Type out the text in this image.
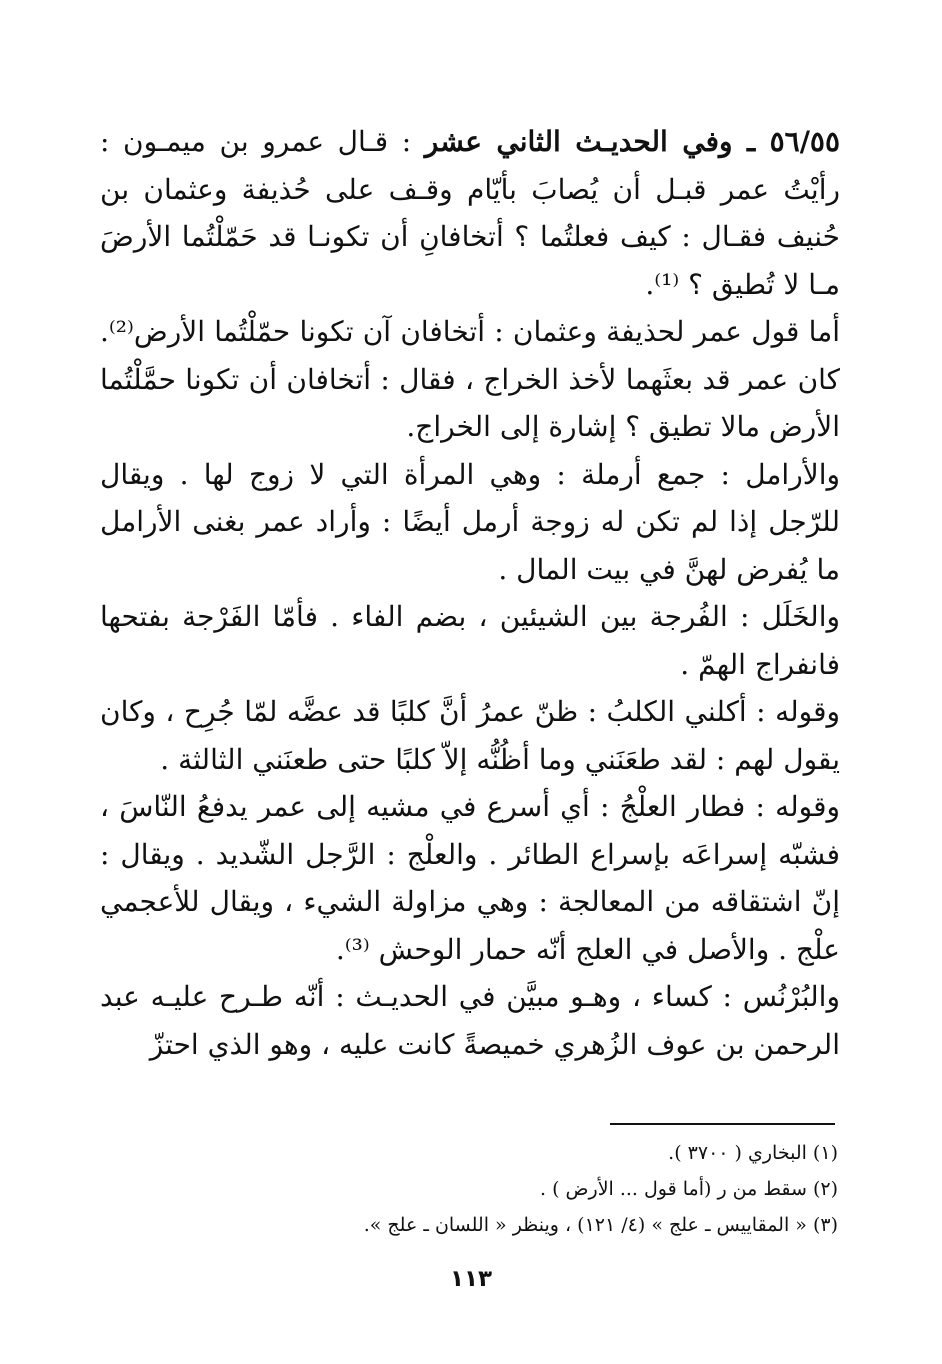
٥٦/٥٥ ـ وفي الحديـث الثاني عشر : قـال عمرو بن ميمـون : رأيْتُ عمر قبـل أن يُصابَ بأيّام وقـف على حُذيفة وعثمان بن حُنيف فقـال : كيف فعلتُما ؟ أتخافانِ أن تكونـا قد حَمّلْتُما الأرضَ مـا لا تُطيق ؟ ⁽¹⁾.

أما قول عمر لحذيفة وعثمان : أتخافان آن تكونا حمّلْتُما الأرض⁽²⁾. كان عمر قد بعثَهما لأخذ الخراج ، فقال : أتخافان أن تكونا حمَّلْتُما الأرض مالا تطيق ؟ إشارة إلى الخراج.

والأرامل : جمع أرملة : وهي المرأة التي لا زوج لها . ويقال للرّجل إذا لم تكن له زوجة أرمل أيضًا : وأراد عمر بغنى الأرامل ما يُفرض لهنَّ في بيت المال .

والخَلَل : الفُرجة بين الشيئين ، بضم الفاء . فأمّا الفَرْجة بفتحها فانفراج الهمّ .

وقوله : أكلني الكلبُ : ظنّ عمرُ أنَّ كلبًا قد عضَّه لمّا جُرِح ، وكان يقول لهم : لقد طعَنَني وما أظُنُّه إلاّ كلبًا حتى طعنَني الثالثة .

وقوله : فطار العلْجُ : أي أسرع في مشيه إلى عمر يدفعُ النّاسَ ، فشبّه إسراعَه بإسراع الطائر . والعلْج : الرَّجل الشّديد . ويقال : إنّ اشتقاقه من المعالجة : وهي مزاولة الشيء ، ويقال للأعجمي علْج . والأصل في العلج أنّه حمار الوحش ⁽³⁾.

والبُرْنُس : كساء ، وهـو مبيَّن في الحديـث : أنّه طـرح عليـه عبد الرحمن بن عوف الزُهري خميصةً كانت عليه ، وهو الذي احتزّ

(١) البخاري ( ٣٧٠٠ ).
(٢) سقط من ر (أما قول ... الأرض ) .
(٣) « المقاييس ـ علج » (٤/ ١٢١) ، وينظر « اللسان ـ علج ».
١١٣
